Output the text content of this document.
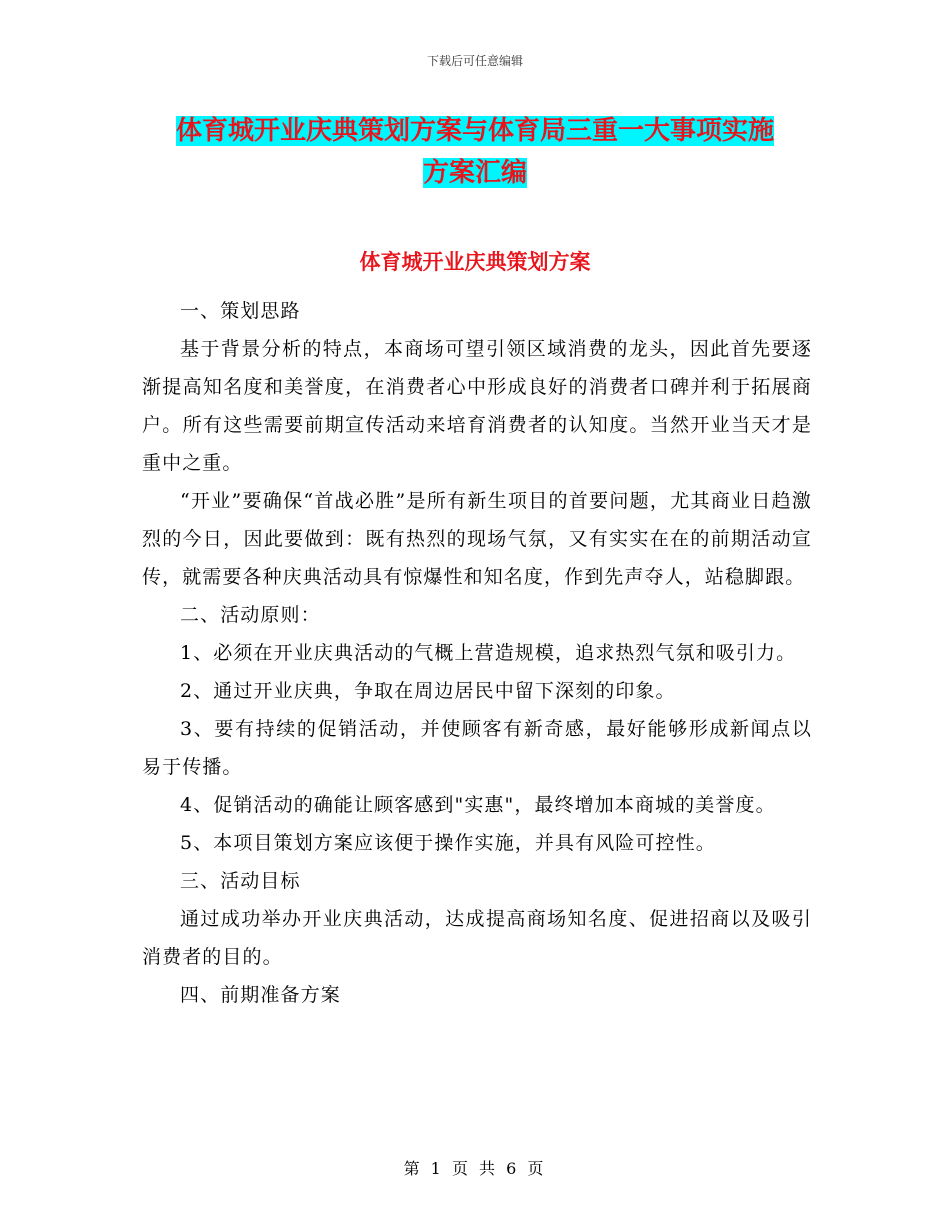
下载后可任意编辑
体育城开业庆典策划方案与体育局三重一大事项实施
方案汇编
体育城开业庆典策划方案

一、策划思路

基于背景分析的特点，本商场可望引领区域消费的龙头，因此首先要逐渐提高知名度和美誉度，在消费者心中形成良好的消费者口碑并利于拓展商户。所有这些需要前期宣传活动来培育消费者的认知度。当然开业当天才是重中之重。

“开业”要确保“首战必胜”是所有新生项目的首要问题，尤其商业日趋激烈的今日，因此要做到：既有热烈的现场气氛，又有实实在在的前期活动宣传，就需要各种庆典活动具有惊爆性和知名度，作到先声夺人，站稳脚跟。

二、活动原则：

1、必须在开业庆典活动的气概上营造规模，追求热烈气氛和吸引力。

2、通过开业庆典，争取在周边居民中留下深刻的印象。

3、要有持续的促销活动，并使顾客有新奇感，最好能够形成新闻点以易于传播。

4、促销活动的确能让顾客感到"实惠"，最终增加本商城的美誉度。

5、本项目策划方案应该便于操作实施，并具有风险可控性。

三、活动目标

通过成功举办开业庆典活动，达成提高商场知名度、促进招商以及吸引消费者的目的。

四、前期准备方案

第 1 页 共 6 页
